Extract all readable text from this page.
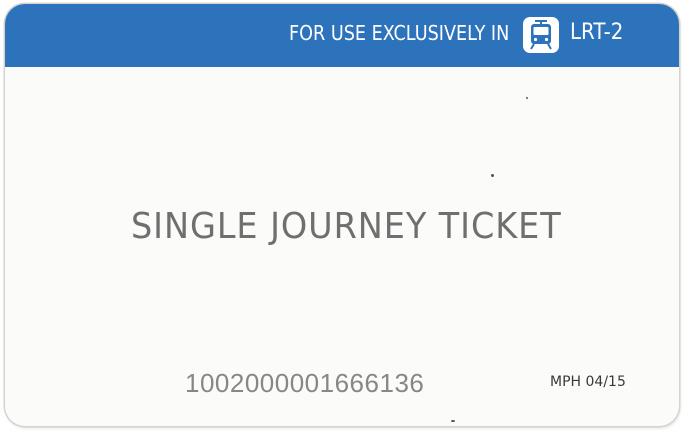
FOR USE EXCLUSIVELY IN	LRT-2
SINGLE JOURNEY TICKET
1002000001666136	MPH 04/15
